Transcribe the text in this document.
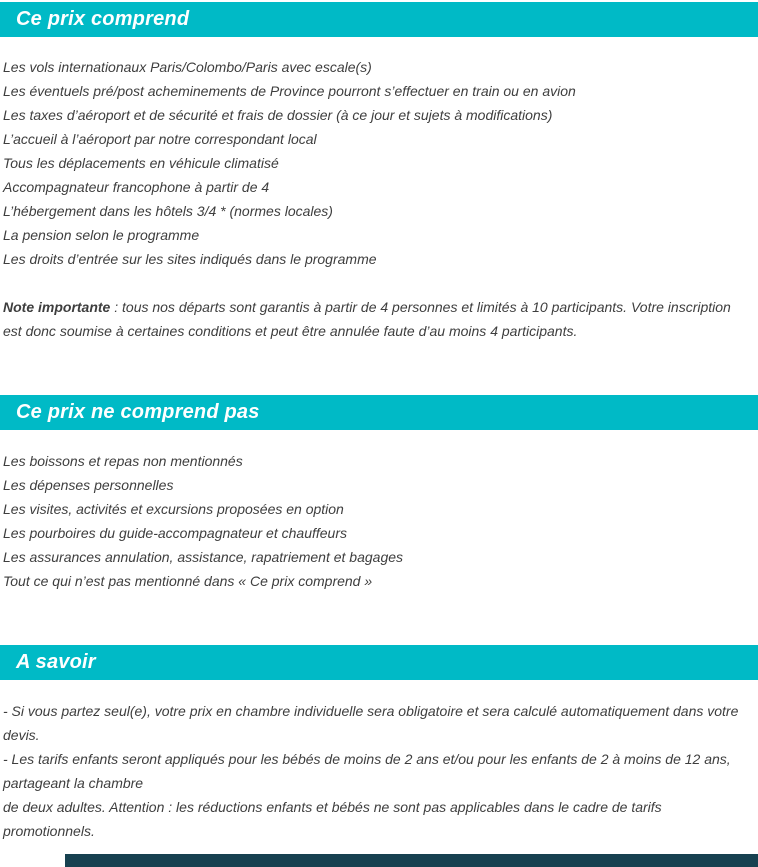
Ce prix comprend
Les vols internationaux Paris/Colombo/Paris avec escale(s)
Les éventuels pré/post acheminements de Province pourront s’effectuer en train ou en avion
Les taxes d’aéroport et de sécurité et frais de dossier (à ce jour et sujets à modifications)
L’accueil à l’aéroport par notre correspondant local
Tous les déplacements en véhicule climatisé
Accompagnateur francophone à partir de 4
L’hébergement dans les hôtels 3/4 * (normes locales)
La pension selon le programme
Les droits d’entrée sur les sites indiqués dans le programme

Note importante : tous nos départs sont garantis à partir de 4 personnes et limités à 10 participants. Votre inscription est donc soumise à certaines conditions et peut être annulée faute d’au moins 4 participants.

Ce prix ne comprend pas
Les boissons et repas non mentionnés
Les dépenses personnelles
Les visites, activités et excursions proposées en option
Les pourboires du guide-accompagnateur et chauffeurs
Les assurances annulation, assistance, rapatriement et bagages
Tout ce qui n’est pas mentionné dans « Ce prix comprend »
A savoir
- Si vous partez seul(e), votre prix en chambre individuelle sera obligatoire et sera calculé automatiquement dans votre devis.
- Les tarifs enfants seront appliqués pour les bébés de moins de 2 ans et/ou pour les enfants de 2 à moins de 12 ans, partageant la chambre
de deux adultes. Attention : les réductions enfants et bébés ne sont pas applicables dans le cadre de tarifs promotionnels.
